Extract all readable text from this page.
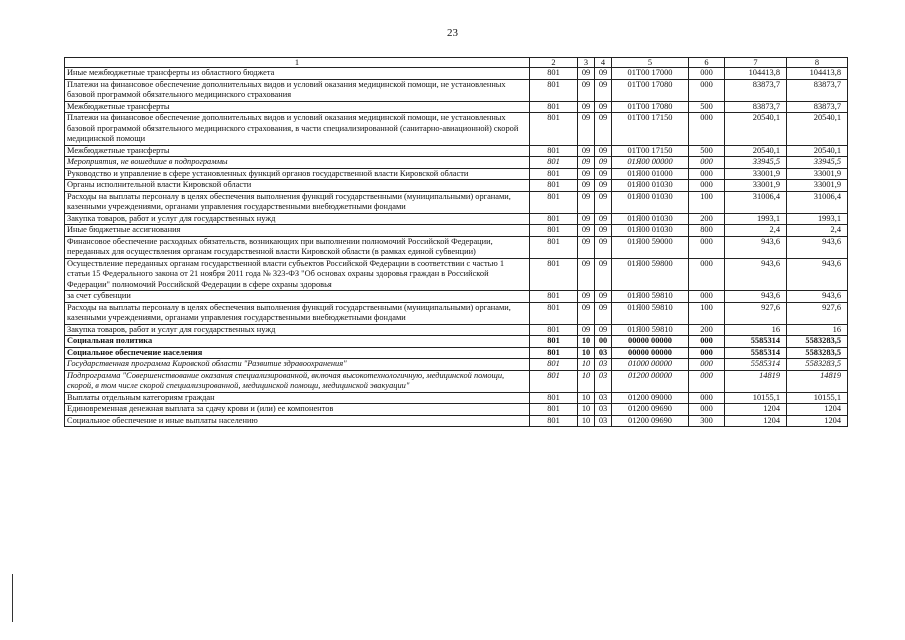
23
1	2	3	4	5	6	7	8
Иные межбюджетные трансферты из областного бюджета	801	09	09	01Т00 17000	000	104413,8	104413,8
Платежи на финансовое обеспечение дополнительных видов и условий оказания медицинской помощи, не установленных базовой программой обязательного медицинского страхования	801	09	09	01Т00 17080	000	83873,7	83873,7
Межбюджетные трансферты	801	09	09	01Т00 17080	500	83873,7	83873,7
Платежи на финансовое обеспечение дополнительных видов и условий оказания медицинской помощи, не установленных базовой программой обязательного медицинского страхования, в части специализированной (санитарно-авиационной) скорой медицинской помощи	801	09	09	01Т00 17150	000	20540,1	20540,1
Межбюджетные трансферты	801	09	09	01Т00 17150	500	20540,1	20540,1
Мероприятия, не вошедшие в подпрограммы	801	09	09	01Я00 00000	000	33945,5	33945,5
Руководство и управление в сфере установленных функций органов государственной власти Кировской области	801	09	09	01Я00 01000	000	33001,9	33001,9
Органы исполнительной власти Кировской области	801	09	09	01Я00 01030	000	33001,9	33001,9
Расходы на выплаты персоналу в целях обеспечения выполнения функций государственными (муниципальными) органами, казенными учреждениями, органами управления государственными внебюджетными фондами	801	09	09	01Я00 01030	100	31006,4	31006,4
Закупка товаров, работ и услуг для государственных нужд	801	09	09	01Я00 01030	200	1993,1	1993,1
Иные бюджетные ассигнования	801	09	09	01Я00 01030	800	2,4	2,4
Финансовое обеспечение расходных обязательств, возникающих при выполнении полномочий Российской Федерации, переданных для осуществления органам государственной власти Кировской области (в рамках единой субвенции)	801	09	09	01Я00 59000	000	943,6	943,6
Осуществление переданных органам государственной власти субъектов Российской Федерации в соответствии с частью 1 статьи 15 Федерального закона от 21 ноября 2011 года № 323-ФЗ "Об основах охраны здоровья граждан в Российской Федерации" полномочий Российской Федерации в сфере охраны здоровья	801	09	09	01Я00 59800	000	943,6	943,6
за счет субвенции	801	09	09	01Я00 59810	000	943,6	943,6
Расходы на выплаты персоналу в целях обеспечения выполнения функций государственными (муниципальными) органами, казенными учреждениями, органами управления государственными внебюджетными фондами	801	09	09	01Я00 59810	100	927,6	927,6
Закупка товаров, работ и услуг для государственных нужд	801	09	09	01Я00 59810	200	16	16
Социальная политика	801	10	00	00000 00000	000	5585314	5583283,5
Социальное обеспечение населения	801	10	03	00000 00000	000	5585314	5583283,5
Государственная программа Кировской области "Развитие здравоохранения"	801	10	03	01000 00000	000	5585314	5583283,5
Подпрограмма "Совершенствование оказания специализированной, включая высокотехнологичную, медицинской помощи, скорой, в том числе скорой специализированной, медицинской помощи, медицинской эвакуации"	801	10	03	01200 00000	000	14819	14819
Выплаты отдельным категориям граждан	801	10	03	01200 09000	000	10155,1	10155,1
Единовременная денежная выплата за сдачу крови и (или) ее компонентов	801	10	03	01200 09690	000	1204	1204
Социальное обеспечение и иные выплаты населению	801	10	03	01200 09690	300	1204	1204
